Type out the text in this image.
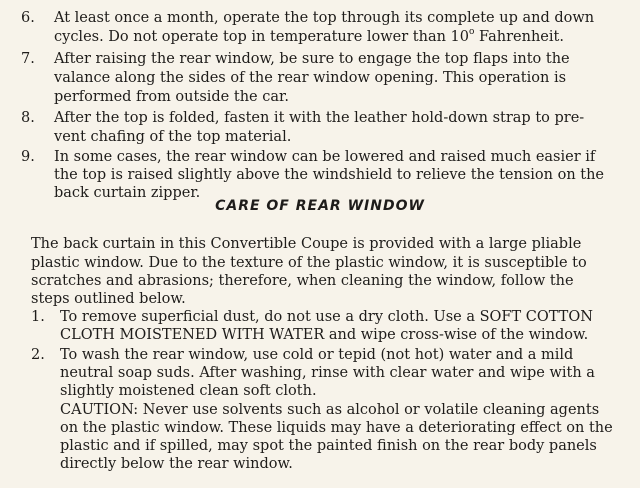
6. At least once a month, operate the top through its complete up and down
cycles. Do not operate top in temperature lower than 10$^o$ Fahrenheit.
7. After raising the rear window, be sure to engage the top flaps into the
valance along the sides of the rear window opening. This operation is
performed from outside the car.
8. After the top is folded, fasten it with the leather hold-down strap to pre-
vent chafing of the top material.
9. In some cases, the rear window can be lowered and raised much easier if
the top is raised slightly above the windshield to relieve the tension on the
back curtain zipper.
CARE OF REAR WINDOW
The back curtain in this Convertible Coupe is provided with a large pliable
plastic window. Due to the texture of the plastic window, it is susceptible to
scratches and abrasions; therefore, when cleaning the window, follow the
steps outlined below.
1. To remove superficial dust, do not use a dry cloth. Use a SOFT COTTON
CLOTH MOISTENED WITH WATER and wipe cross-wise of the window.
2. To wash the rear window, use cold or tepid (not hot) water and a mild
neutral soap suds. After washing, rinse with clear water and wipe with a
slightly moistened clean soft cloth.
CAUTION: Never use solvents such as alcohol or volatile cleaning agents
on the plastic window. These liquids may have a deteriorating effect on the
plastic and if spilled, may spot the painted finish on the rear body panels
directly below the rear window.
